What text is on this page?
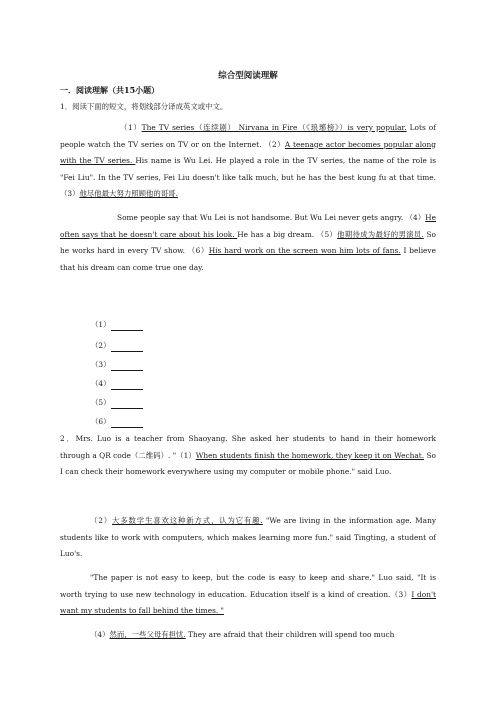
综合型阅读理解
一．阅读理解（共15小题）
1．阅读下面的短文，将划线部分译成英文或中文。
（1）The TV series（连续剧） Nirvana in Fire（《琅琊榜》）is very popular. Lots of people watch the TV series on TV or on the Internet. （2）A teenage actor becomes popular along with the TV series. His name is Wu Lei. He played a role in the TV series, the name of the role is "Fei Liu". In the TV series, Fei Liu doesn't like talk much, but he has the best kung fu at that time. （3）他尽他最大努力照顾他的哥哥.
Some people say that Wu Lei is not handsome. But Wu Lei never gets angry. （4）He often says that he doesn't care about his look. He has a big dream. （5）他期待成为最好的男演员. So he works hard in every TV show. （6）His hard work on the screen won him lots of fans. I believe that his dream can come true one day.
（1）
（2）
（3）
（4）
（5）
（6）
2．Mrs. Luo is a teacher from Shaoyang. She asked her students to hand in their homework through a QR code（二维码）. "（1）When students finish the homework, they keep it on Wechat. So I can check their homework everywhere using my computer or mobile phone." said Luo.
（2）大多数学生喜欢这种新方式，认为它有趣. "We are living in the information age. Many students like to work with computers, which makes learning more fun." said Tingting, a student of Luo's.
"The paper is not easy to keep, but the code is easy to keep and share." Luo said, "It is worth trying to use new technology in education. Education itself is a kind of creation.（3）I don't want my students to fall behind the times. "
（4）然而，一些父母有担忧. They are afraid that their children will spend too much
